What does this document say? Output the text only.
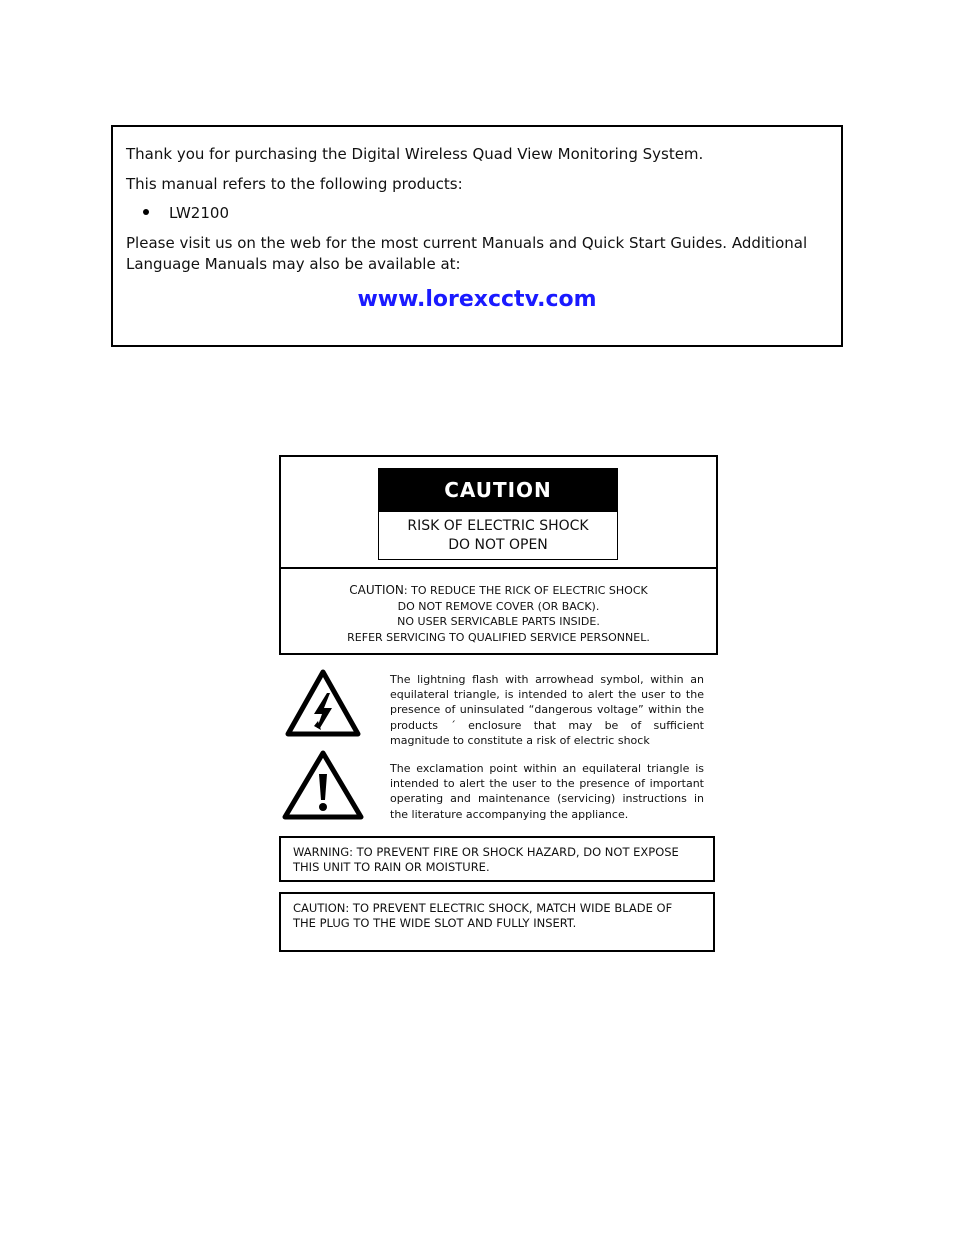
Thank you for purchasing the Digital Wireless Quad View Monitoring System.

This manual refers to the following products:

LW2100

Please visit us on the web for the most current Manuals and Quick Start Guides. Additional Language Manuals may also be available at:

www.lorexcctv.com
CAUTION
RISK OF ELECTRIC SHOCK
DO NOT OPEN
CAUTION: TO REDUCE THE RICK OF ELECTRIC SHOCK
DO NOT REMOVE COVER (OR BACK).
NO USER SERVICABLE PARTS INSIDE.
REFER SERVICING TO QUALIFIED SERVICE PERSONNEL.
The lightning flash with arrowhead symbol, within an equilateral triangle, is intended to alert the user to the presence of uninsulated “dangerous voltage” within the products ´ enclosure that may be of sufficient magnitude to constitute a risk of electric shock
The exclamation point within an equilateral triangle is intended to alert the user to the presence of important operating and maintenance (servicing) instructions in the literature accompanying the appliance.
WARNING: TO PREVENT FIRE OR SHOCK HAZARD, DO NOT EXPOSE
THIS UNIT TO RAIN OR MOISTURE.
CAUTION: TO PREVENT ELECTRIC SHOCK, MATCH WIDE BLADE OF
THE PLUG TO THE WIDE SLOT AND FULLY INSERT.
